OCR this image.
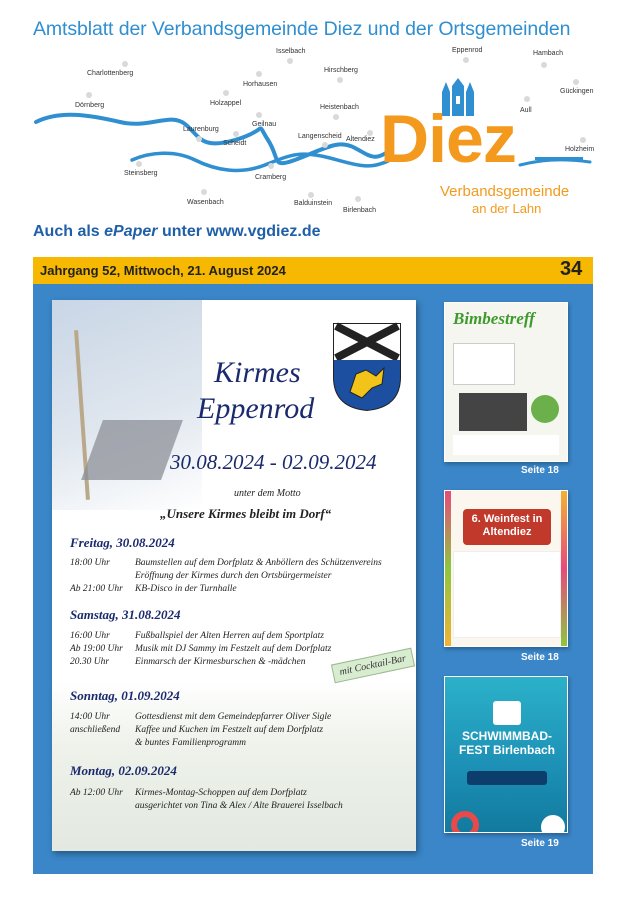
Amtsblatt der Verbandsgemeinde Diez und der Ortsgemeinden
Isselbach	Eppenrod	Hambach
Charlottenberg	Hirschberg
Horhausen
Gückingen
Dörnberg	Holzappel
Heistenbach	Aull
Laurenburg
Geilnau
Langenscheid Altendiez
Scheidt
Holzheim
Steinsberg
Cramberg
Wasenbach	Balduinstein
Birlenbach
Diez
Verbandsgemeinde
an der Lahn
Auch als ePaper unter www.vgdiez.de
Jahrgang 52, Mittwoch, 21. August 2024	34
Kirmes
Eppenrod
30.08.2024 - 02.09.2024
unter dem Motto
„Unsere Kirmes bleibt im Dorf“
Freitag, 30.08.2024
18:00 Uhr	Baumstellen auf dem Dorfplatz & Anböllern des Schützenvereins
Eröffnung der Kirmes durch den Ortsbürgermeister
Ab 21:00 Uhr KB-Disco in der Turnhalle
Samstag, 31.08.2024
16:00 Uhr	Fußballspiel der Alten Herren auf dem Sportplatz
Ab 19:00 Uhr Musik mit DJ Sammy im Festzelt auf dem Dorfplatz
20.30 Uhr	Einmarsch der Kirmesburschen & -mädchen	mit Cocktail-Bar
Sonntag, 01.09.2024
14:00 Uhr	Gottesdienst mit dem Gemeindepfarrer Oliver Sigle
anschließend Kaffee und Kuchen im Festzelt auf dem Dorfplatz
& buntes Familienprogramm
Montag, 02.09.2024
Ab 12:00 Uhr Kirmes-Montag-Schoppen auf dem Dorfplatz
ausgerichtet von Tina & Alex / Alte Brauerei Isselbach
Bimbestreff
Seite 18
6. Weinfest in Altendiez
Seite 18
SCHWIMMBAD-FEST Birlenbach
Seite 19
